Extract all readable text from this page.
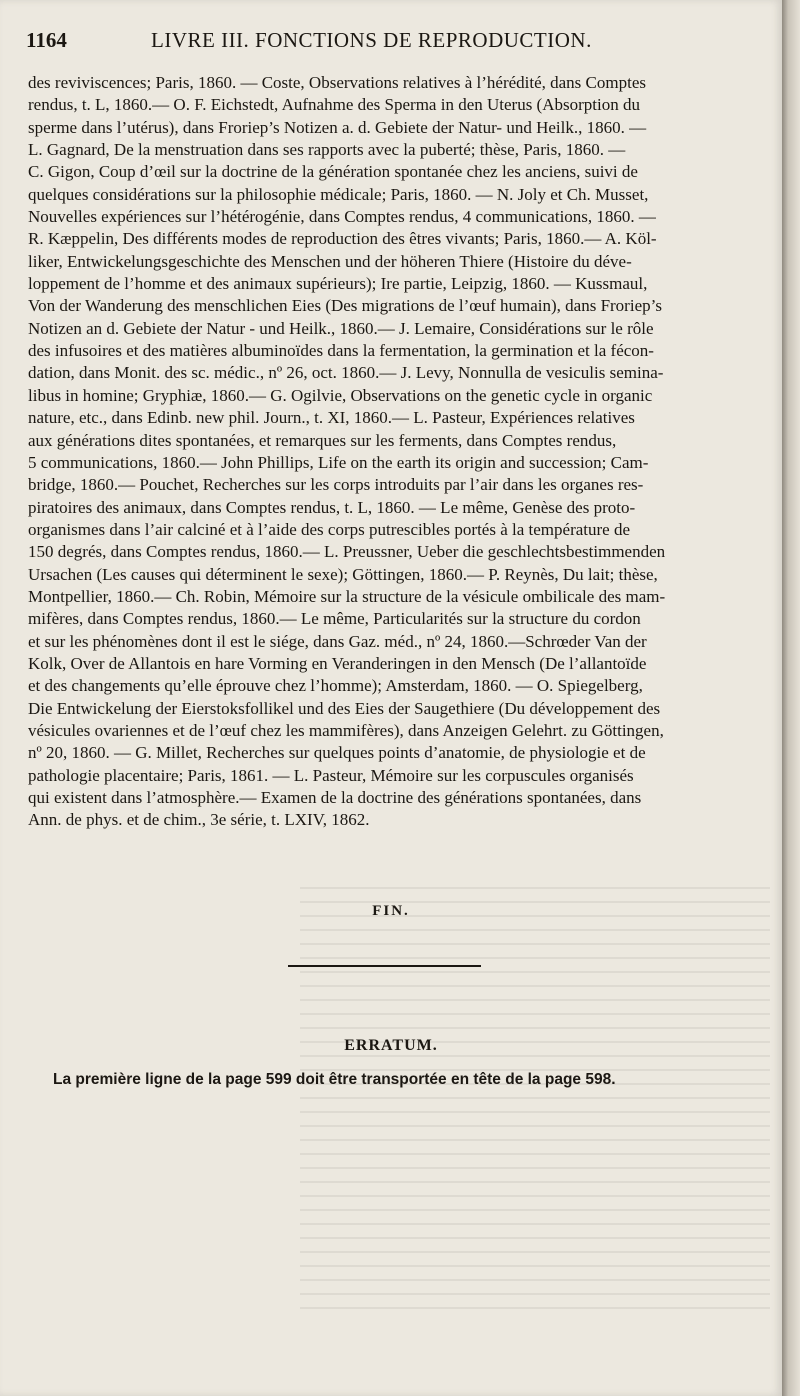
1164	LIVRE III. FONCTIONS DE REPRODUCTION.
des reviviscences; Paris, 1860. — Coste, Observations relatives à l’hérédité, dans Comptes
rendus, t. L, 1860.— O. F. Eichstedt, Aufnahme des Sperma in den Uterus (Absorption du
sperme dans l’utérus), dans Froriep’s Notizen a. d. Gebiete der Natur- und Heilk., 1860. —
L. Gagnard, De la menstruation dans ses rapports avec la puberté; thèse, Paris, 1860. —
C. Gigon, Coup d’œil sur la doctrine de la génération spontanée chez les anciens, suivi de
quelques considérations sur la philosophie médicale; Paris, 1860. — N. Joly et Ch. Musset,
Nouvelles expériences sur l’hétérogénie, dans Comptes rendus, 4 communications, 1860. —
R. Kæppelin, Des différents modes de reproduction des êtres vivants; Paris, 1860.— A. Köl-
liker, Entwickelungsgeschichte des Menschen und der höheren Thiere (Histoire du déve-
loppement de l’homme et des animaux supérieurs); Ire partie, Leipzig, 1860. — Kussmaul,
Von der Wanderung des menschlichen Eies (Des migrations de l’œuf humain), dans Froriep’s
Notizen an d. Gebiete der Natur - und Heilk., 1860.— J. Lemaire, Considérations sur le rôle
des infusoires et des matières albuminoïdes dans la fermentation, la germination et la fécon-
dation, dans Monit. des sc. médic., nº 26, oct. 1860.— J. Levy, Nonnulla de vesiculis semina-
libus in homine; Gryphiæ, 1860.— G. Ogilvie, Observations on the genetic cycle in organic
nature, etc., dans Edinb. new phil. Journ., t. XI, 1860.— L. Pasteur, Expériences relatives
aux générations dites spontanées, et remarques sur les ferments, dans Comptes rendus,
5 communications, 1860.— John Phillips, Life on the earth its origin and succession; Cam-
bridge, 1860.— Pouchet, Recherches sur les corps introduits par l’air dans les organes res-
piratoires des animaux, dans Comptes rendus, t. L, 1860. — Le même, Genèse des proto-
organismes dans l’air calciné et à l’aide des corps putrescibles portés à la température de
150 degrés, dans Comptes rendus, 1860.— L. Preussner, Ueber die geschlechtsbestimmenden
Ursachen (Les causes qui déterminent le sexe); Göttingen, 1860.— P. Reynès, Du lait; thèse,
Montpellier, 1860.— Ch. Robin, Mémoire sur la structure de la vésicule ombilicale des mam-
mifères, dans Comptes rendus, 1860.— Le même, Particularités sur la structure du cordon
et sur les phénomènes dont il est le siége, dans Gaz. méd., nº 24, 1860.—Schrœder Van der
Kolk, Over de Allantois en hare Vorming en Veranderingen in den Mensch (De l’allantoïde
et des changements qu’elle éprouve chez l’homme); Amsterdam, 1860. — O. Spiegelberg,
Die Entwickelung der Eierstoksfollikel und des Eies der Saugethiere (Du développement des
vésicules ovariennes et de l’œuf chez les mammifères), dans Anzeigen Gelehrt. zu Göttingen,
nº 20, 1860. — G. Millet, Recherches sur quelques points d’anatomie, de physiologie et de
pathologie placentaire; Paris, 1861. — L. Pasteur, Mémoire sur les corpuscules organisés
qui existent dans l’atmosphère.— Examen de la doctrine des générations spontanées, dans
Ann. de phys. et de chim., 3e série, t. LXIV, 1862.
FIN.
ERRATUM.
La première ligne de la page 599 doit être transportée en tête de la page 598.
